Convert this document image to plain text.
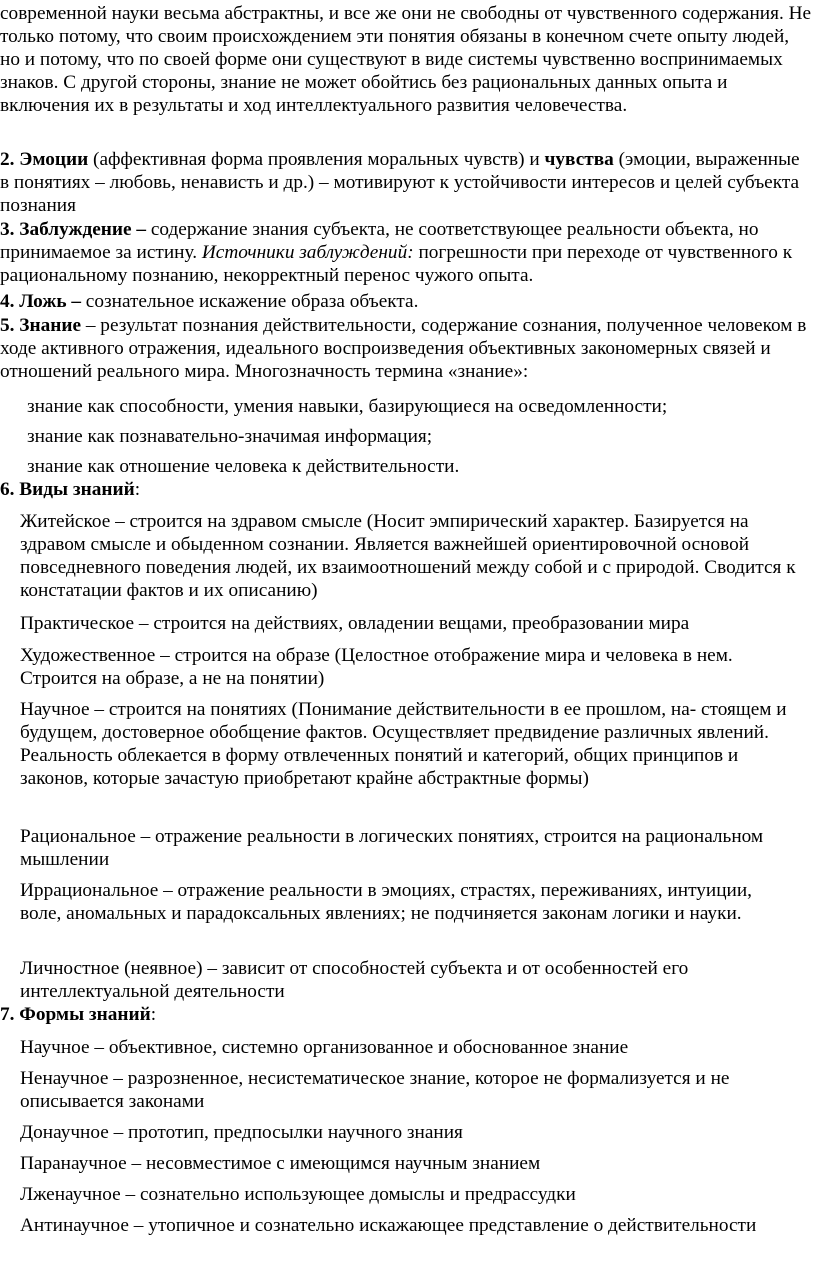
современной науки весьма абстрактны, и все же они не свободны от чувственного содержания. Не только потому, что своим происхождением эти понятия обязаны в конечном счете опыту людей, но и потому, что по своей форме они существуют в виде системы чувственно воспринимаемых знаков. С другой стороны, знание не может обойтись без рациональных данных опыта и включения их в результаты и ход интеллектуального развития человечества.

2. Эмоции (аффективная форма проявления моральных чувств) и чувства (эмоции, выраженные в понятиях – любовь, ненависть и др.) – мотивируют к устойчивости интересов и целей субъекта познания

3. Заблуждение – содержание знания субъекта, не соответствующее реальности объекта, но принимаемое за истину. Источники заблуждений: погрешности при переходе от чувственного к рациональному познанию, некорректный перенос чужого опыта.

4. Ложь – сознательное искажение образа объекта.

5. Знание – результат познания действительности, содержание сознания, полученное человеком в ходе активного отражения, идеального воспроизведения объективных закономерных связей и отношений реального мира. Многозначность термина «знание»:

знание как способности, умения навыки, базирующиеся на осведомленности;

знание как познавательно-значимая информация;

знание как отношение человека к действительности.

6. Виды знаний:

Житейское – строится на здравом смысле (Носит эмпирический характер. Базируется на здравом смысле и обыденном сознании. Является важнейшей ориентировочной основой повседневного поведения людей, их взаимоотношений между собой и с природой. Сводится к констатации фактов и их описанию)

Практическое – строится на действиях, овладении вещами, преобразовании мира

Художественное – строится на образе (Целостное отображение мира и человека в нем. Строится на образе, а не на понятии)

Научное – строится на понятиях (Понимание действительности в ее прошлом, на- стоящем и будущем, достоверное обобщение фактов. Осуществляет предвидение различных явлений. Реальность облекается в форму отвлеченных понятий и категорий, общих принципов и законов, которые зачастую приобретают крайне абстрактные формы)

Рациональное – отражение реальности в логических понятиях, строится на рациональном мышлении

Иррациональное – отражение реальности в эмоциях, страстях, переживаниях, интуиции, воле, аномальных и парадоксальных явлениях; не подчиняется законам логики и науки.

Личностное (неявное) – зависит от способностей субъекта и от особенностей его интеллектуальной деятельности

7. Формы знаний:

Научное – объективное, системно организованное и обоснованное знание

Ненаучное – разрозненное, несистематическое знание, которое не формализуется и не описывается законами

Донаучное – прототип, предпосылки научного знания

Паранаучное – несовместимое с имеющимся научным знанием

Лженаучное – сознательно использующее домыслы и предрассудки

Антинаучное – утопичное и сознательно искажающее представление о действительности
